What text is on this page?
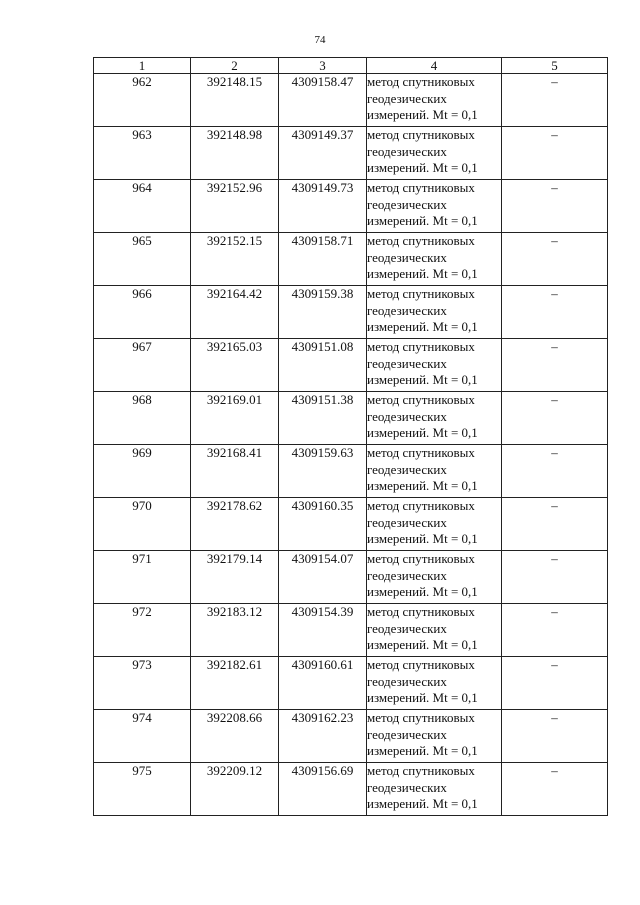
74
1	2	3	4	5
962	392148.15	4309158.47	метод спутниковых
геодезических
измерений. Mt = 0,1	–
963	392148.98	4309149.37	метод спутниковых
геодезических
измерений. Mt = 0,1	–
964	392152.96	4309149.73	метод спутниковых
геодезических
измерений. Mt = 0,1	–
965	392152.15	4309158.71	метод спутниковых
геодезических
измерений. Mt = 0,1	–
966	392164.42	4309159.38	метод спутниковых
геодезических
измерений. Mt = 0,1	–
967	392165.03	4309151.08	метод спутниковых
геодезических
измерений. Mt = 0,1	–
968	392169.01	4309151.38	метод спутниковых
геодезических
измерений. Mt = 0,1	–
969	392168.41	4309159.63	метод спутниковых
геодезических
измерений. Mt = 0,1	–
970	392178.62	4309160.35	метод спутниковых
геодезических
измерений. Mt = 0,1	–
971	392179.14	4309154.07	метод спутниковых
геодезических
измерений. Mt = 0,1	–
972	392183.12	4309154.39	метод спутниковых
геодезических
измерений. Mt = 0,1	–
973	392182.61	4309160.61	метод спутниковых
геодезических
измерений. Mt = 0,1	–
974	392208.66	4309162.23	метод спутниковых
геодезических
измерений. Mt = 0,1	–
975	392209.12	4309156.69	метод спутниковых
геодезических
измерений. Mt = 0,1	–
